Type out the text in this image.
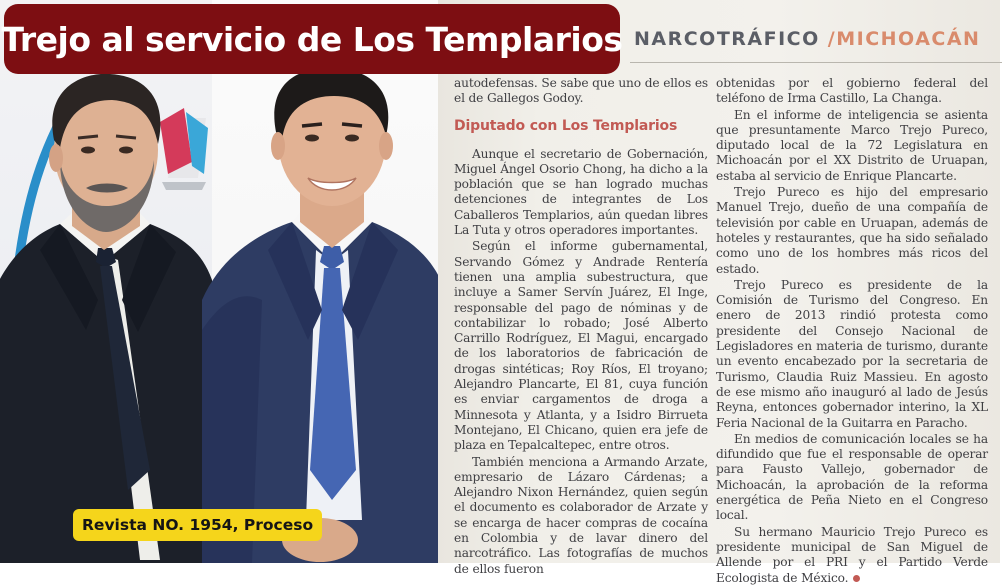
NARCOTRÁFICO /MICHOACÁN

autodefensas. Se sabe que uno de ellos es el de Gallegos Godoy.

Diputado con Los Templarios

Aunque el secretario de Gobernación, Miguel Ángel Osorio Chong, ha dicho a la población que se han logrado muchas detenciones de integrantes de Los Caballeros Templarios, aún quedan libres La Tuta y otros operadores importantes.

Según el informe gubernamental, Servando Gómez y Andrade Rentería tienen una amplia subestructura, que incluye a Samer Servín Juárez, El Inge, responsable del pago de nóminas y de contabilizar lo robado; José Alberto Carrillo Rodríguez, El Magui, encargado de los laboratorios de fabricación de drogas sintéticas; Roy Ríos, El troyano; Alejandro Plancarte, El 81, cuya función es enviar cargamentos de droga a Minnesota y Atlanta, y a Isidro Birrueta Montejano, El Chicano, quien era jefe de plaza en Tepalcaltepec, entre otros.

También menciona a Armando Arzate, empresario de Lázaro Cárdenas; a Alejandro Nixon Hernández, quien según el documento es colaborador de Arzate y se encarga de hacer compras de cocaína en Colombia y de lavar dinero del narcotráfico. Las fotografías de muchos de ellos fueron

obtenidas por el gobierno federal del teléfono de Irma Castillo, La Changa.

En el informe de inteligencia se asienta que presuntamente Marco Trejo Pureco, diputado local de la 72 Legislatura en Michoacán por el XX Distrito de Uruapan, estaba al servicio de Enrique Plancarte.

Trejo Pureco es hijo del empresario Manuel Trejo, dueño de una compañía de televisión por cable en Uruapan, además de hoteles y restaurantes, que ha sido señalado como uno de los hombres más ricos del estado.

Trejo Pureco es presidente de la Comisión de Turismo del Congreso. En enero de 2013 rindió protesta como presidente del Consejo Nacional de Legisladores en materia de turismo, durante un evento encabezado por la secretaria de Turismo, Claudia Ruiz Massieu. En agosto de ese mismo año inauguró al lado de Jesús Reyna, entonces gobernador interino, la XL Feria Nacional de la Guitarra en Paracho.

En medios de comunicación locales se ha difundido que fue el responsable de operar para Fausto Vallejo, gobernador de Michoacán, la aprobación de la reforma energética de Peña Nieto en el Congreso local.

Su hermano Mauricio Trejo Pureco es presidente municipal de San Miguel de Allende por el PRI y el Partido Verde Ecologista de México.

Trejo al servicio de Los Templarios
Revista NO. 1954, Proceso
